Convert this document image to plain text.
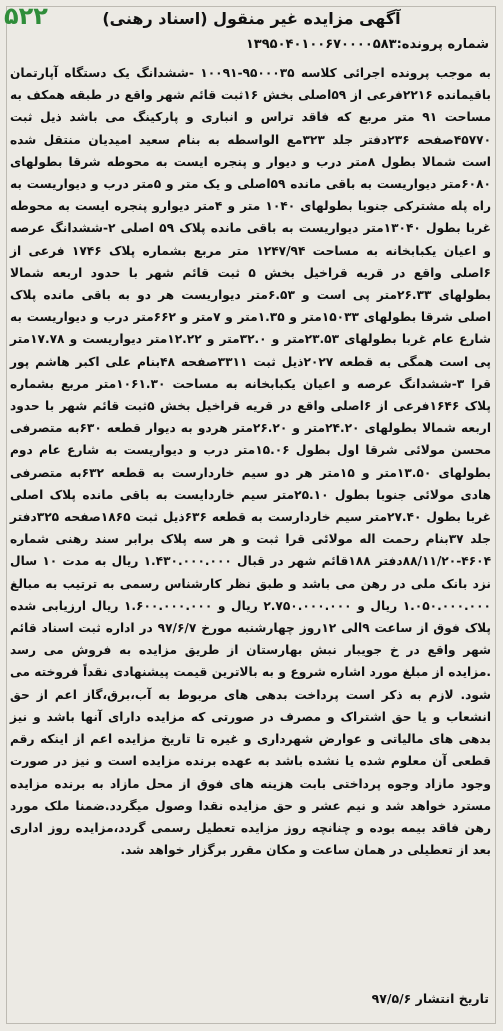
۵۲۲	آگهی مزایده غیر منقول (اسناد رهنی)
شماره پرونده:۱۳۹۵۰۴۰۱۰۰۶۷۰۰۰۰۵۸۳
به موجب پرونده اجرائی کلاسه ۹۵۰۰۰۳۵-۱۰۰۹۱ -ششدانگ یک دستگاه آپارتمان باقیمانده ۲۲۱۶فرعی از ۵۹اصلی بخش ۱۶ثبت قائم شهر واقع در طبقه همکف به مساحت ۹۱ متر مربع که فاقد تراس و انباری و پارکینگ می باشد ذیل ثبت ۴۵۷۷۰صفحه ۲۳۶دفتر جلد ۳۲۳مع الواسطه به بنام سعید امیدیان منتقل شده است شمالا بطول ۸متر درب و دیوار و پنجره ایست به محوطه شرقا بطولهای ۶۰۸۰متر دیواریست به باقی مانده ۵۹اصلی و یک متر و ۵متر درب و دیواریست به راه پله مشترکی جنوبا بطولهای ۱۰۴۰ متر و ۴متر دیوارو پنجره ایست به محوطه غربا بطول ۱۳۰۴۰متر دیواریست به باقی مانده پلاک ۵۹ اصلی ۲-ششدانگ عرصه و اعیان یکبابخانه به مساحت ۱۲۴۷/۹۴ متر مربع بشماره پلاک ۱۷۴۶ فرعی از ۶اصلی واقع در قریه قراخیل بخش ۵ ثبت قائم شهر با حدود اربعه شمالا بطولهای ۲۶.۳۳متر پی است و ۶.۵۳متر دیواریست هر دو به باقی مانده پلاک اصلی شرقا بطولهای ۱۵۰۳۳متر و ۱.۳۵متر و ۷متر و ۶۶۲متر درب و دیواریست به شارع عام غربا بطولهای ۲۳.۵۳متر و ۳۲.۰متر و ۱۲.۲۲متر دیواریست و ۱۷.۷۸متر پی است همگی به قطعه ۲۰۲۷ذیل ثبت ۳۳۱۱صفحه ۴۸بنام علی اکبر هاشم پور قرا ۳-ششدانگ عرصه و اعیان یکبابخانه به مساحت ۱۰۶۱.۳۰متر مربع بشماره پلاک ۱۶۴۶فرعی از ۶اصلی واقع در قریه قراخیل بخش ۵ثبت قائم شهر با حدود اربعه شمالا بطولهای ۲۴.۲۰متر و ۲۶.۲۰متر هردو به دیوار قطعه ۶۳۰به متصرفی محسن مولائی شرقا اول بطول ۱۵.۰۶متر درب و دیواریست به شارع عام دوم بطولهای ۱۳.۵۰متر و ۱۵متر هر دو سیم خاردارست به قطعه ۶۳۲به متصرفی هادی مولائی جنوبا بطول ۲۵.۱۰متر سیم خاردایست به باقی مانده پلاک اصلی غربا بطول ۲۷.۴۰متر سیم خاردارست به قطعه ۶۳۶ذیل ثبت ۱۸۶۵صفحه ۳۲۵دفتر جلد ۳۷بنام رحمت اله مولائی قرا ثبت و هر سه پلاک برابر سند رهنی شماره ۴۶۰۴-۸۸/۱۱/۲۰دفتر ۱۸۸قائم شهر در قبال ۱.۴۳۰.۰۰۰.۰۰۰ ریال به مدت ۱۰ سال نزد بانک ملی در رهن می باشد و طبق نظر کارشناس رسمی به ترتیب به مبالغ ۱.۰۵۰.۰۰۰.۰۰۰ ریال و ۲.۷۵۰.۰۰۰.۰۰۰ ریال و ۱.۶۰۰.۰۰۰.۰۰۰ ریال ارزیابی شده پلاک فوق از ساعت ۹الی ۱۲روز چهارشنبه مورخ ۹۷/۶/۷ در اداره ثبت اسناد قائم شهر واقع در خ جویبار نبش بهارستان از طریق مزایده به فروش می رسد .مزایده از مبلغ مورد اشاره شروع و به بالاترین قیمت پیشنهادی نقداً فروخته می شود. لازم به ذکر است پرداخت بدهی های مربوط به آب،برق،گاز اعم از حق انشعاب و یا حق اشتراک و مصرف در صورتی که مزایده دارای آنها باشد و نیز بدهی های مالیاتی و عوارض شهرداری و غیره تا تاریخ مزایده اعم از اینکه رقم قطعی آن معلوم شده یا نشده باشد به عهده برنده مزایده است و نیز در صورت وجود مازاد وجوه پرداختی بابت هزینه های فوق از محل مازاد به برنده مزایده مسترد خواهد شد و نیم عشر و حق مزایده نقدا وصول میگردد.ضمنا ملک مورد رهن فاقد بیمه بوده و چنانچه روز مزایده تعطیل رسمی گردد،مزایده روز اداری بعد از تعطیلی در همان ساعت و مکان مقرر برگزار خواهد شد.
تاریخ انتشار ۹۷/۵/۶
